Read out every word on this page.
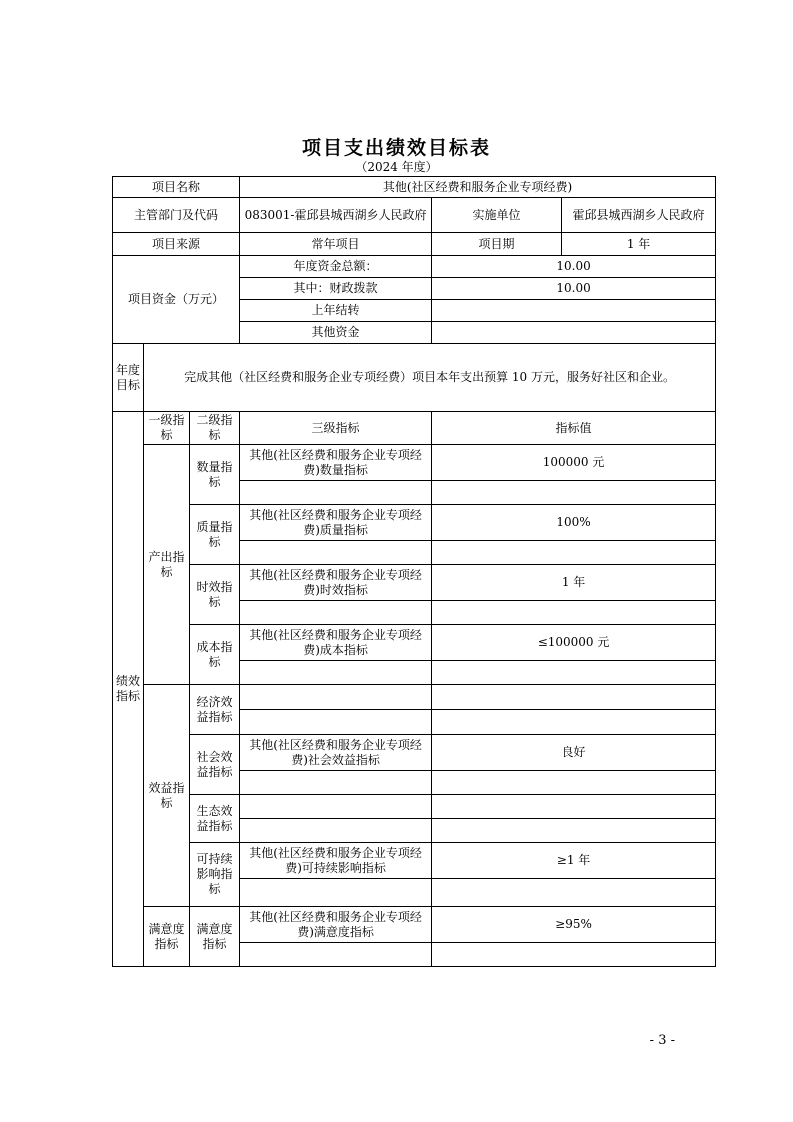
项目支出绩效目标表
（2024 年度）
项目名称			其他(社区经费和服务企业专项经费)		
主管部门及代码			083001-霍邱县城西湖乡人民政府	实施单位	霍邱县城西湖乡人民政府
项目来源			常年项目	项目期	1 年
项目资金（万元）			年度资金总额：	10.00	
			其中：财政拨款	10.00	
			上年结转		
			其他资金		
年度目标	完成其他（社区经费和服务企业专项经费）项目本年支出预算 10 万元，服务好社区和企业。				
绩效指标	一级指标	二级指标	三级指标	指标值	
	产出指标	数量指标	其他(社区经费和服务企业专项经费)数量指标	100000 元	

		质量指标	其他(社区经费和服务企业专项经费)质量指标	100%	

		时效指标	其他(社区经费和服务企业专项经费)时效指标	1 年	

		成本指标	其他(社区经费和服务企业专项经费)成本指标	≤100000 元	

	效益指标	经济效益指标			

		社会效益指标	其他(社区经费和服务企业专项经费)社会效益指标	良好	

		生态效益指标			

		可持续影响指标	其他(社区经费和服务企业专项经费)可持续影响指标	≥1 年	

	满意度指标	满意度指标	其他(社区经费和服务企业专项经费)满意度指标	≥95%	

- 3 -
